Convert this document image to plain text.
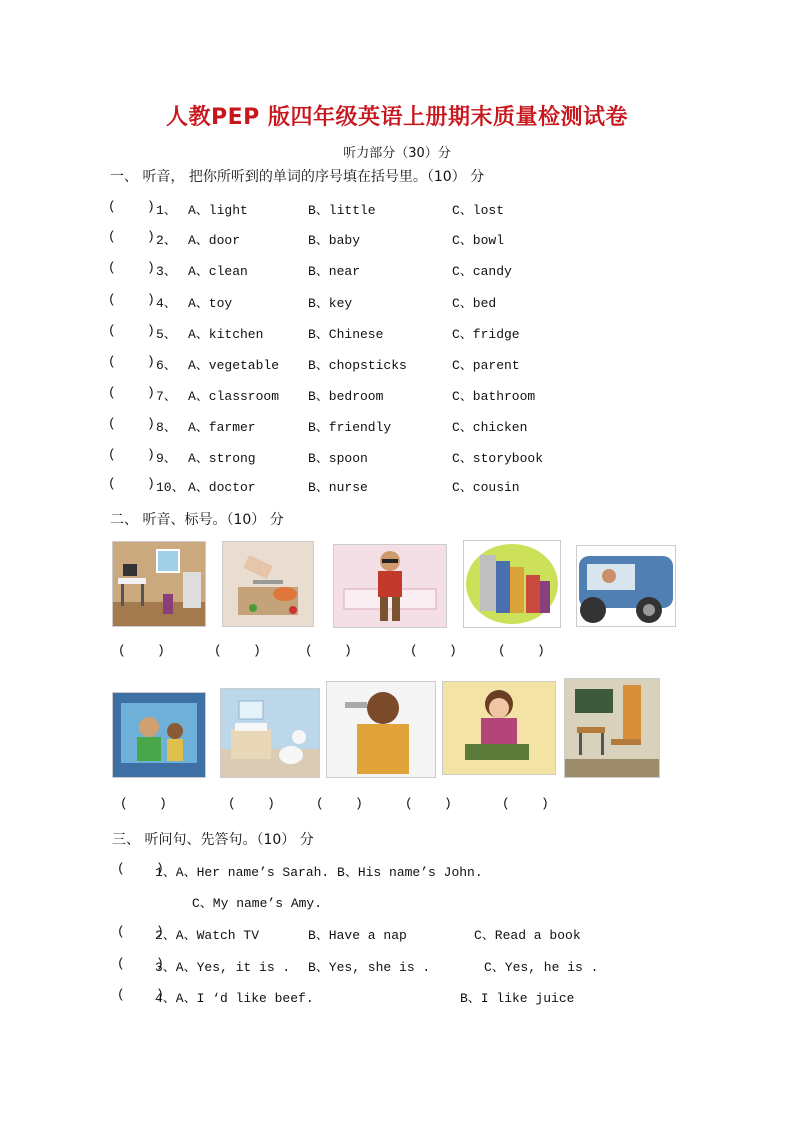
人教PEP 版四年级英语上册期末质量检测试卷
听力部分（30）分
一、 听音， 把你所听到的单词的序号填在括号里。（10） 分
(    ) 1、 A、light	B、little	C、lost
(    ) 2、 A、door	B、baby	C、bowl
(    ) 3、 A、clean	B、near	C、candy
(    ) 4、 A、toy	B、key	C、bed
(    ) 5、 A、kitchen	B、Chinese	C、fridge
(    ) 6、 A、vegetable B、chopsticks	C、parent
(    ) 7、 A、classroom B、bedroom	C、bathroom
(    ) 8、 A、farmer	B、friendly	C、chicken
(    ) 9、 A、strong	B、spoon	C、storybook
(    ) 10、 A、doctor	B、nurse	C、cousin
二、 听音、标号。（10） 分
(    )	(    )	(    )	(    )	(    )
(    )	(    )	(    )	(    )	(    )
三、 听问句、先答句。（10） 分
(    )
1、A、Her name’s Sarah. B、His name’s John.
C、My name’s Amy.
(    )
2、A、Watch TV	B、Have a nap	C、Read a book
(    )
3、A、Yes, it is . B、Yes, she is .	C、Yes, he is .
(    )
4、A、I ‘d like beef.	B、I like juice
